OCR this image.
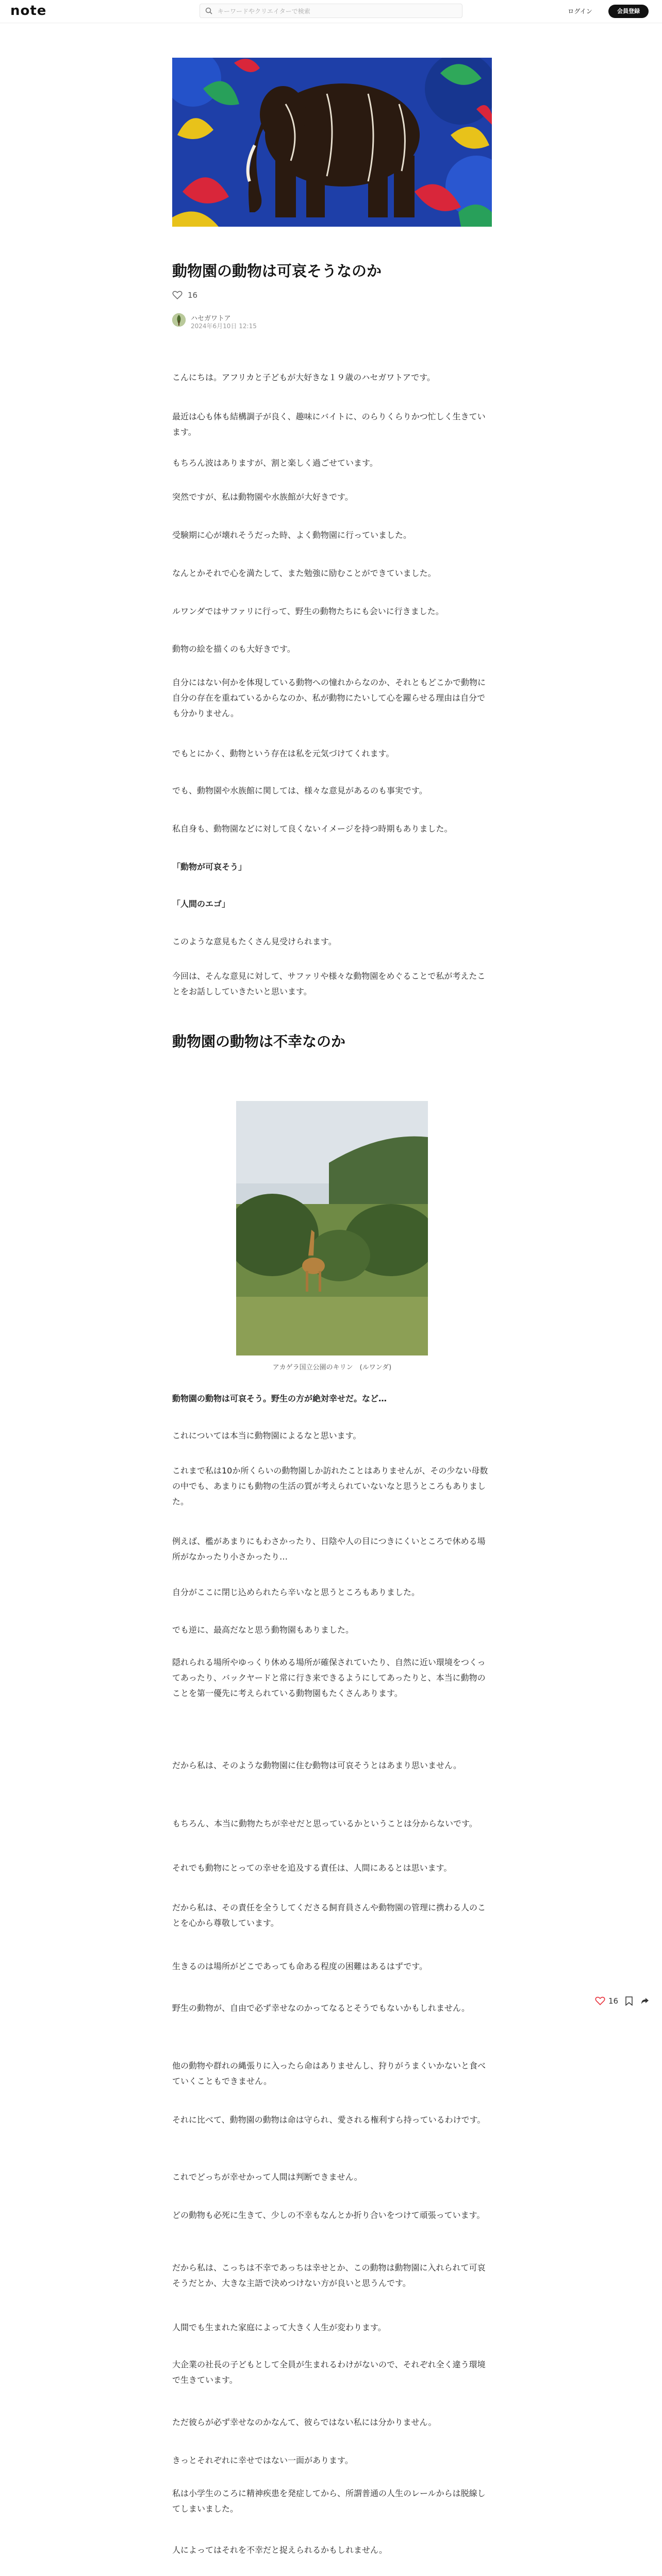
note
キーワードやクリエイターで検索	ログイン	会員登録
動物園の動物は可哀そうなのか
16
ハセガワトア
2024年6月10日 12:15

こんにちは。アフリカと子どもが大好きな１９歳のハセガワトアです。

最近は心も体も結構調子が良く、趣味にバイトに、のらりくらりかつ忙しく生きています。

もちろん波はありますが、割と楽しく過ごせています。

突然ですが、私は動物園や水族館が大好きです。

受験期に心が壊れそうだった時、よく動物園に行っていました。

なんとかそれで心を満たして、また勉強に励むことができていました。

ルワンダではサファリに行って、野生の動物たちにも会いに行きました。

動物の絵を描くのも大好きです。

自分にはない何かを体現している動物への憧れからなのか、それともどこかで動物に自分の存在を重ねているからなのか、私が動物にたいして心を躍らせる理由は自分でも分かりません。

でもとにかく、動物という存在は私を元気づけてくれます。

でも、動物園や水族館に関しては、様々な意見があるのも事実です。

私自身も、動物園などに対して良くないイメージを持つ時期もありました。

「動物が可哀そう」

「人間のエゴ」

このような意見もたくさん見受けられます。

今回は、そんな意見に対して、サファリや様々な動物園をめぐることで私が考えたことをお話ししていきたいと思います。

動物園の動物は不幸なのか
アカゲラ国立公園のキリン　(ルワンダ)

動物園の動物は可哀そう。野生の方が絶対幸せだ。など…

これについては本当に動物園によるなと思います。

これまで私は10か所くらいの動物園しか訪れたことはありませんが、その少ない母数の中でも、あまりにも動物の生活の質が考えられていないなと思うところもありました。

例えば、檻があまりにもわさかったり、日陰や人の目につきにくいところで休める場所がなかったり小さかったり…

自分がここに閉じ込められたら辛いなと思うところもありました。

でも逆に、最高だなと思う動物園もありました。

隠れられる場所やゆっくり休める場所が確保されていたり、自然に近い環境をつくってあったり、バックヤードと常に行き来できるようにしてあったりと、本当に動物のことを第一優先に考えられている動物園もたくさんあります。

だから私は、そのような動物園に住む動物は可哀そうとはあまり思いません。

もちろん、本当に動物たちが幸せだと思っているかということは分からないです。

それでも動物にとっての幸せを追及する責任は、人間にあるとは思います。

だから私は、その責任を全うしてくださる飼育員さんや動物園の管理に携わる人のことを心から尊敬しています。

生きるのは場所がどこであっても命ある程度の困難はあるはずです。

野生の動物が、自由で必ず幸せなのかってなるとそうでもないかもしれません。

他の動物や群れの縄張りに入ったら命はありませんし、狩りがうまくいかないと食べていくこともできません。

それに比べて、動物園の動物は命は守られ、愛される権利すら持っているわけです。

これでどっちが幸せかって人間は判断できません。

どの動物も必死に生きて、少しの不幸もなんとか折り合いをつけて頑張っています。

だから私は、こっちは不幸であっちは幸せとか、この動物は動物園に入れられて可哀そうだとか、大きな主語で決めつけない方が良いと思うんです。

人間でも生まれた家庭によって大きく人生が変わります。

大企業の社長の子どもとして全員が生まれるわけがないので、それぞれ全く違う環境で生きています。

ただ彼らが必ず幸せなのかなんて、彼らではない私には分かりません。

きっとそれぞれに幸せではない一面があります。

私は小学生のころに精神疾患を発症してから、所謂普通の人生のレールからは脱線してしまいました。

人によってはそれを不幸だと捉えられるかもしれません。

16
